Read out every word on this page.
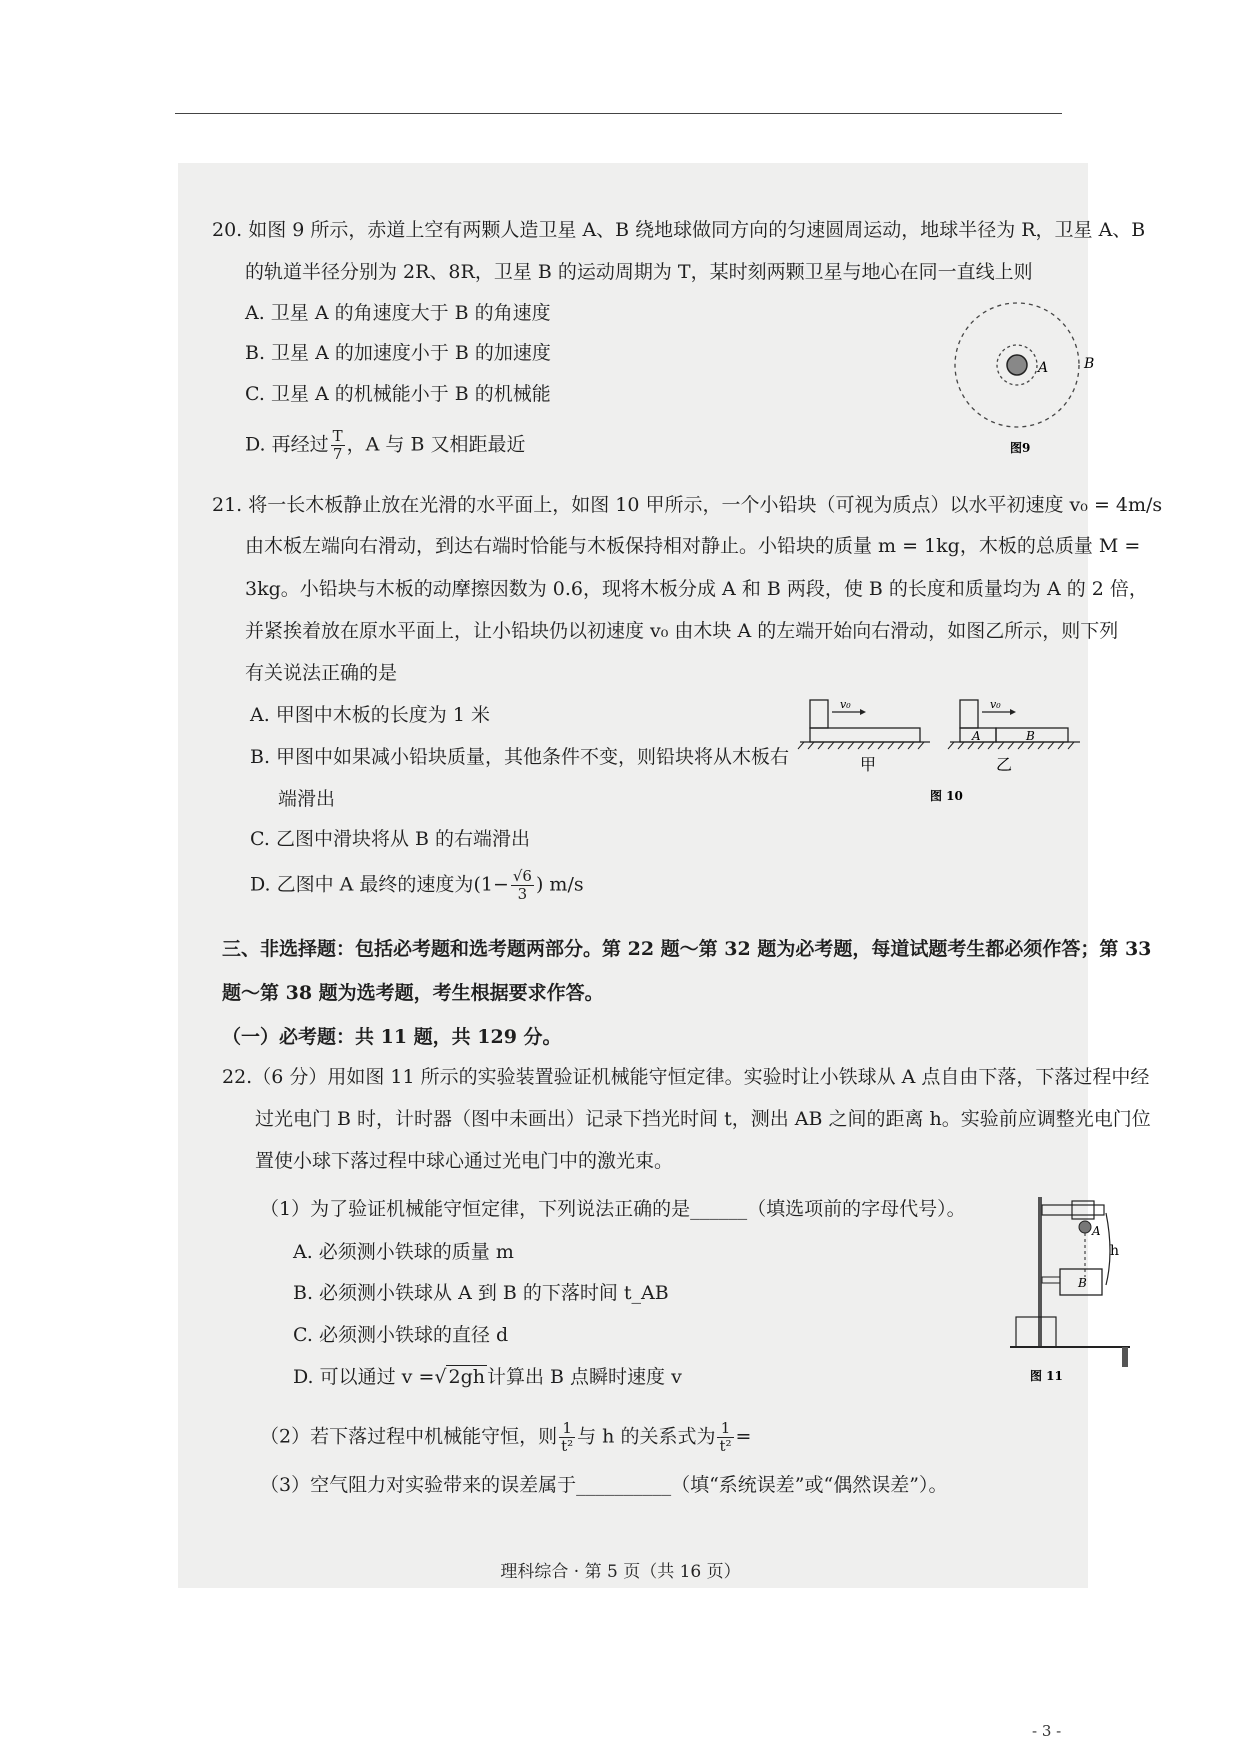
20. 如图 9 所示，赤道上空有两颗人造卫星 A、B 绕地球做同方向的匀速圆周运动，地球半径为 R，卫星 A、B
的轨道半径分别为 2R、8R，卫星 B 的运动周期为 T，某时刻两颗卫星与地心在同一直线上则
A. 卫星 A 的角速度大于 B 的角速度
B. 卫星 A 的加速度小于 B 的加速度
C. 卫星 A 的机械能小于 B 的机械能
D. 再经过 $\frac{T}{7}$ ，A 与 B 又相距最近
A	B
图9
21. 将一长木板静止放在光滑的水平面上，如图 10 甲所示，一个小铅块（可视为质点）以水平初速度 v₀ = 4m/s
由木板左端向右滑动，到达右端时恰能与木板保持相对静止。小铅块的质量 m = 1kg，木板的总质量 M =
3kg。小铅块与木板的动摩擦因数为 0.6，现将木板分成 A 和 B 两段，使 B 的长度和质量均为 A 的 2 倍，
并紧挨着放在原水平面上，让小铅块仍以初速度 v₀ 由木块 A 的左端开始向右滑动，如图乙所示，则下列
有关说法正确的是
A. 甲图中木板的长度为 1 米
B. 甲图中如果减小铅块质量，其他条件不变，则铅块将从木板右
端滑出
C. 乙图中滑块将从 B 的右端滑出
D. 乙图中 A 最终的速度为($1- \frac{√6}{3}$ ) m/s
v₀
甲
A	B
v₀
乙
图 10
三、非选择题：包括必考题和选考题两部分。第 22 题～第 32 题为必考题，每道试题考生都必须作答；第 33
题～第 38 题为选考题，考生根据要求作答。
（一）必考题：共 11 题，共 129 分。
22.（6 分）用如图 11 所示的实验装置验证机械能守恒定律。实验时让小铁球从 A 点自由下落，下落过程中经
过光电门 B 时，计时器（图中未画出）记录下挡光时间 t，测出 AB 之间的距离 h。实验前应调整光电门位
置使小球下落过程中球心通过光电门中的激光束。
（1）为了验证机械能守恒定律，下列说法正确的是______（填选项前的字母代号）。
A. 必须测小铁球的质量 m
B. 必须测小铁球从 A 到 B 的下落时间 t_AB
C. 必须测小铁球的直径 d
D. 可以通过 v =√ 2gh 计算出 B 点瞬时速度 v
（2）若下落过程中机械能守恒，则 $\frac{1}{\text{t²}}$ 与 h 的关系式为 $\frac{1}{\text{t²}}$ =
（3）空气阻力对实验带来的误差属于__________（填“系统误差”或“偶然误差”）。
A
h
B
图 11
理科综合 · 第 5 页（共 16 页）
- 3 -
